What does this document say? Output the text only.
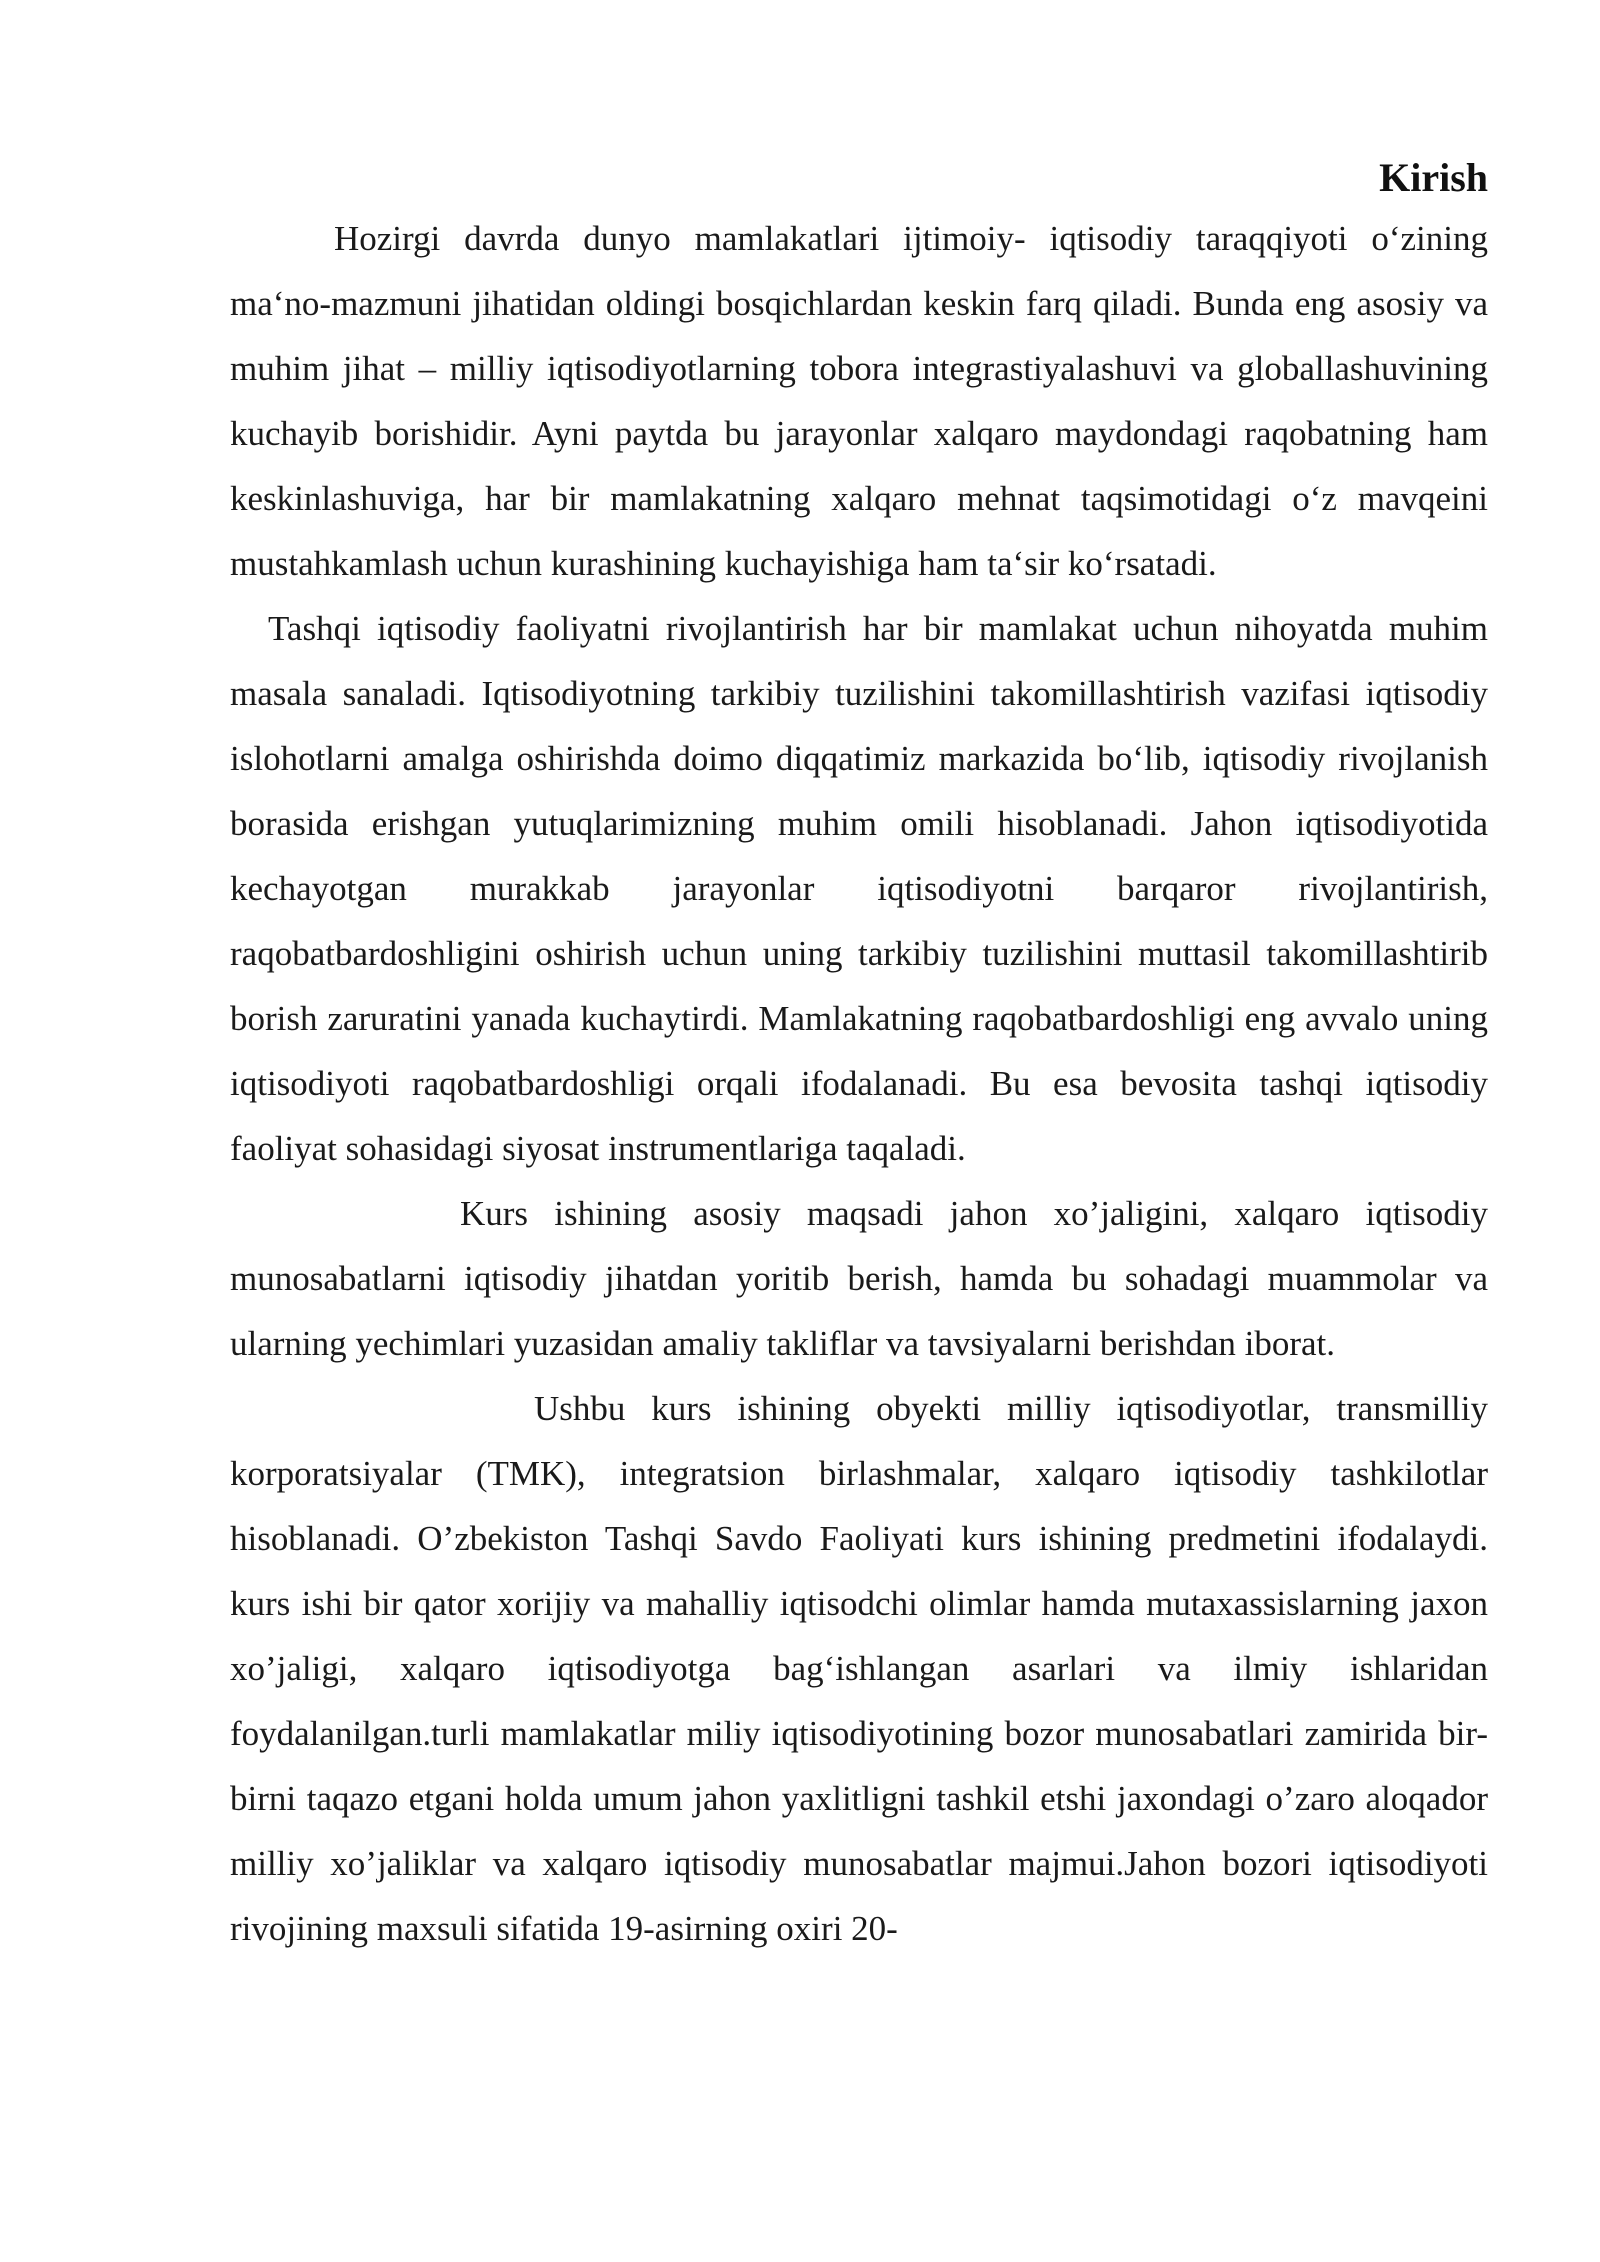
Kirish

Hozirgi davrda dunyo mamlakatlari ijtimoiy- iqtisodiy taraqqiyoti o‘zining ma‘no-mazmuni jihatidan oldingi bosqichlardan keskin farq qiladi. Bunda eng asosiy va muhim jihat – milliy iqtisodiyotlarning tobora integrastiyalashuvi va globallashuvining kuchayib borishidir. Ayni paytda bu jarayonlar xalqaro maydondagi raqobatning ham keskinlashuviga, har bir mamlakatning xalqaro mehnat taqsimotidagi o‘z mavqeini mustahkamlash uchun kurashining kuchayishiga ham ta‘sir ko‘rsatadi.

Tashqi iqtisodiy faoliyatni rivojlantirish har bir mamlakat uchun nihoyatda muhim masala sanaladi. Iqtisodiyotning tarkibiy tuzilishini takomillashtirish vazifasi iqtisodiy islohotlarni amalga oshirishda doimo diqqatimiz markazida bo‘lib, iqtisodiy rivojlanish borasida erishgan yutuqlarimizning muhim omili hisoblanadi. Jahon iqtisodiyotida kechayotgan murakkab jarayonlar iqtisodiyotni barqaror rivojlantirish, raqobatbardoshligini oshirish uchun uning tarkibiy tuzilishini muttasil takomillashtirib borish zaruratini yanada kuchaytirdi. Mamlakatning raqobatbardoshligi eng avvalo uning iqtisodiyoti raqobatbardoshligi orqali ifodalanadi. Bu esa bevosita tashqi iqtisodiy faoliyat sohasidagi siyosat instrumentlariga taqaladi.

Kurs ishining asosiy maqsadi jahon xo’jaligini, xalqaro iqtisodiy munosabatlarni iqtisodiy jihatdan yoritib berish, hamda bu sohadagi muammolar va ularning yechimlari yuzasidan amaliy takliflar va tavsiyalarni berishdan iborat.

Ushbu kurs ishining obyekti milliy iqtisodiyotlar, transmilliy korporatsiyalar (TMK), integratsion birlashmalar, xalqaro iqtisodiy tashkilotlar hisoblanadi. O’zbekiston Tashqi Savdo Faoliyati kurs ishining predmetini ifodalaydi. kurs ishi bir qator xorijiy va mahalliy iqtisodchi olimlar hamda mutaxassislarning jaxon xo’jaligi, xalqaro iqtisodiyotga bag‘ishlangan asarlari va ilmiy ishlaridan foydalanilgan.turli mamlakatlar miliy iqtisodiyotining bozor munosabatlari zamirida bir-birni taqazo etgani holda umum jahon yaxlitligni tashkil etshi jaxondagi o’zaro aloqador milliy xo’jaliklar va xalqaro iqtisodiy munosabatlar majmui.Jahon bozori iqtisodiyoti rivojining maxsuli sifatida 19-asirning oxiri 20-
